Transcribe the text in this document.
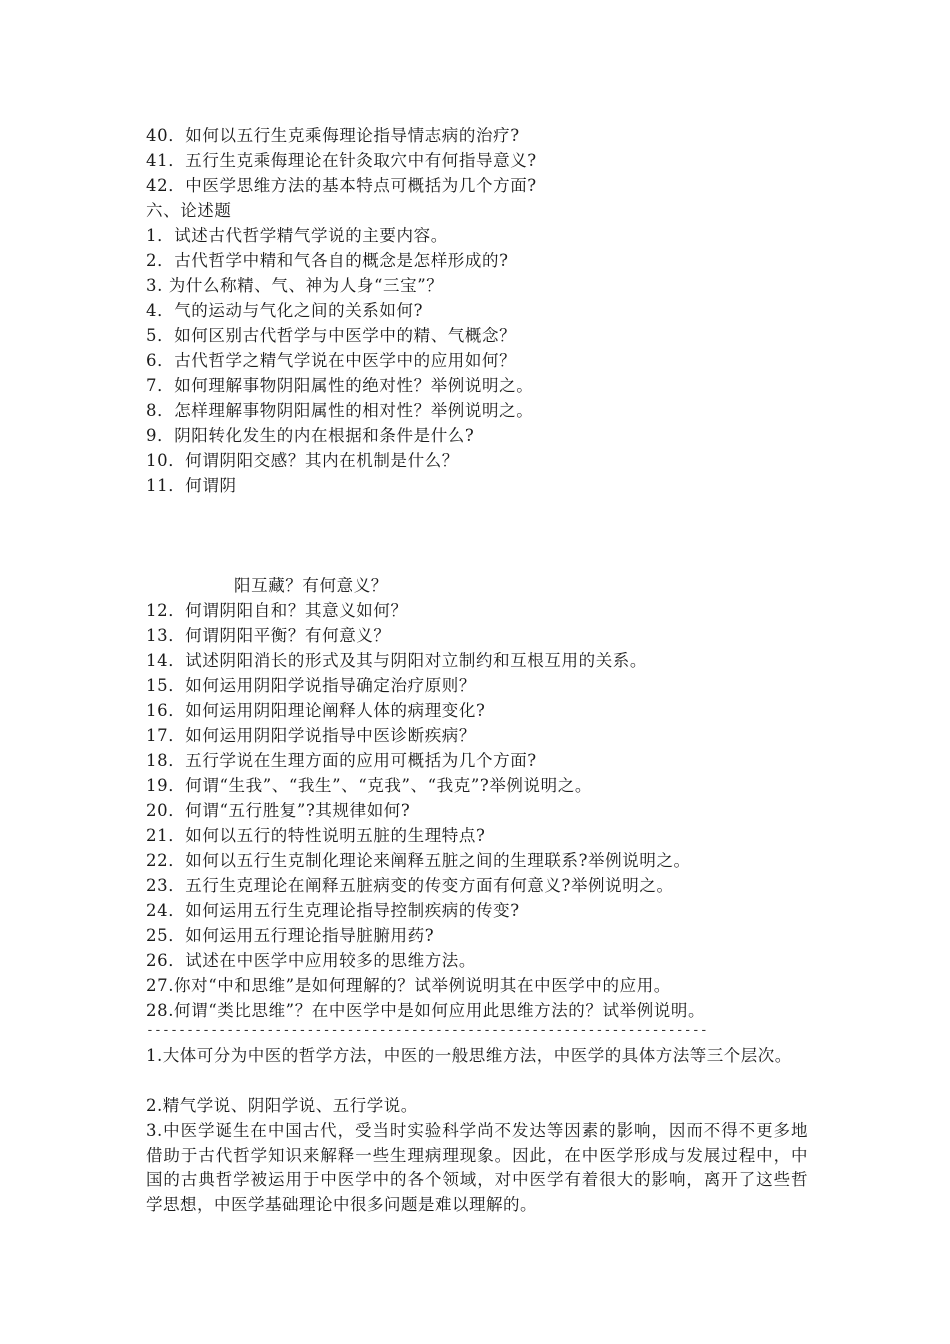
40．如何以五行生克乘侮理论指导情志病的治疗?
41．五行生克乘侮理论在针灸取穴中有何指导意义?
42．中医学思维方法的基本特点可概括为几个方面?
六、论述题
1．试述古代哲学精气学说的主要内容。
2．古代哲学中精和气各自的概念是怎样形成的?
3. 为什么称精、气、神为人身“三宝”？
4．气的运动与气化之间的关系如何?
5．如何区别古代哲学与中医学中的精、气概念？
6．古代哲学之精气学说在中医学中的应用如何？
7．如何理解事物阴阳属性的绝对性？举例说明之。
8．怎样理解事物阴阳属性的相对性？举例说明之。
9．阴阳转化发生的内在根据和条件是什么?
10．何谓阴阳交感？其内在机制是什么？
11．何谓阴
阳互藏？有何意义？
12．何谓阴阳自和？其意义如何？
13．何谓阴阳平衡？有何意义？
14．试述阴阳消长的形式及其与阴阳对立制约和互根互用的关系。
15．如何运用阴阳学说指导确定治疗原则？
16．如何运用阴阳理论阐释人体的病理变化?
17．如何运用阴阳学说指导中医诊断疾病？
18．五行学说在生理方面的应用可概括为几个方面?
19．何谓“生我”、“我生”、“克我”、“我克”?举例说明之。
20．何谓“五行胜复”?其规律如何?
21．如何以五行的特性说明五脏的生理特点?
22．如何以五行生克制化理论来阐释五脏之间的生理联系?举例说明之。
23．五行生克理论在阐释五脏病变的传变方面有何意义?举例说明之。
24．如何运用五行生克理论指导控制疾病的传变?
25．如何运用五行理论指导脏腑用药?
26．试述在中医学中应用较多的思维方法。
27.你对“中和思维”是如何理解的？试举例说明其在中医学中的应用。
28.何谓“类比思维”？在中医学中是如何应用此思维方法的？试举例说明。
----------------------------------------------------------------------
1.大体可分为中医的哲学方法，中医的一般思维方法，中医学的具体方法等三个层次。
2.精气学说、阴阳学说、五行学说。
3.中医学诞生在中国古代，受当时实验科学尚不发达等因素的影响，因而不得不更多地借助于古代哲学知识来解释一些生理病理现象。因此，在中医学形成与发展过程中，中国的古典哲学被运用于中医学中的各个领域，对中医学有着很大的影响，离开了这些哲学思想，中医学基础理论中很多问题是难以理解的。
